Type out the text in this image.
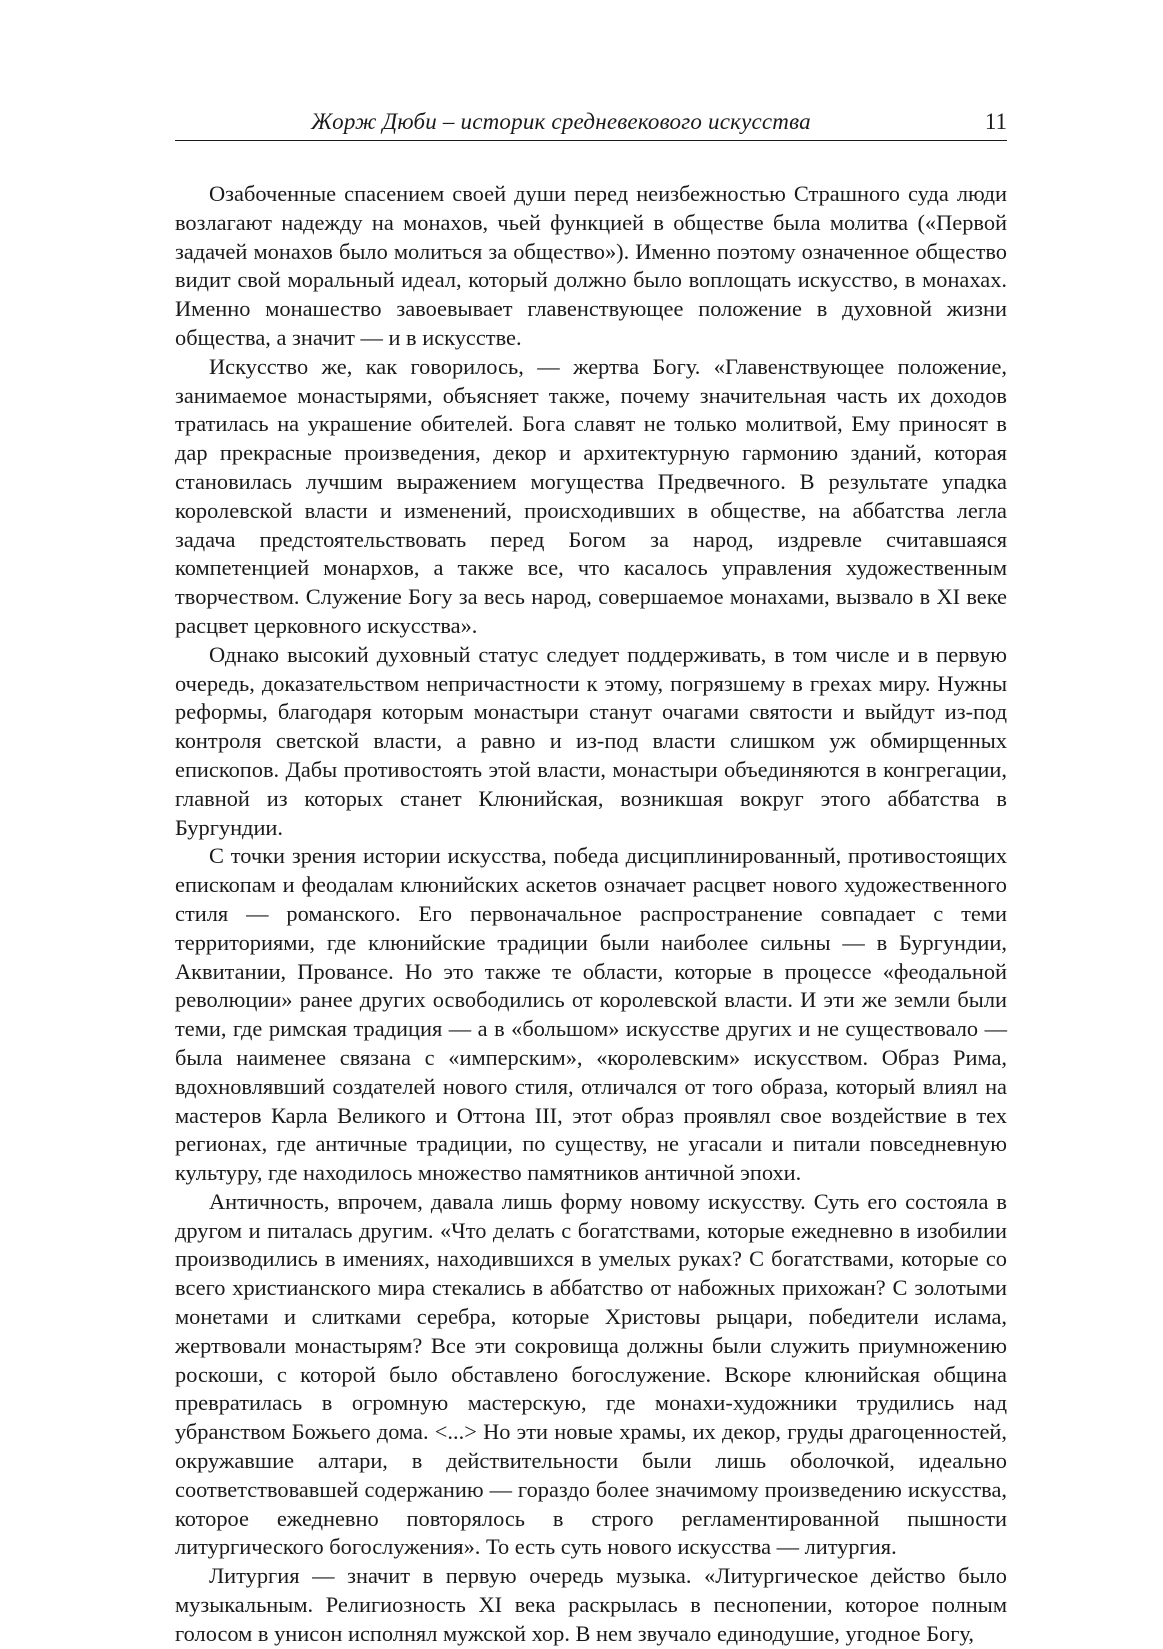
Жорж Дюби – историк средневекового искусства	11

Озабоченные спасением своей души перед неизбежностью Страшного суда люди возлагают надежду на монахов, чьей функцией в обществе была молитва («Первой задачей монахов было молиться за общество»). Именно поэтому означенное общество видит свой моральный идеал, который должно было воплощать искусство, в монахах. Именно монашество завоевывает главенствующее положение в духовной жизни общества, а значит — и в искусстве.

Искусство же, как говорилось, — жертва Богу. «Главенствующее положение, занимаемое монастырями, объясняет также, почему значительная часть их доходов тратилась на украшение обителей. Бога славят не только молитвой, Ему приносят в дар прекрасные произведения, декор и архитектурную гармонию зданий, которая становилась лучшим выражением могущества Предвечного. В результате упадка королевской власти и изменений, происходивших в обществе, на аббатства легла задача предстоятельствовать перед Богом за народ, издревле считавшаяся компетенцией монархов, а также все, что касалось управления художественным творчеством. Служение Богу за весь народ, совершаемое монахами, вызвало в XI веке расцвет церковного искусства».

Однако высокий духовный статус следует поддерживать, в том числе и в первую очередь, доказательством непричастности к этому, погрязшему в грехах миру. Нужны реформы, благодаря которым монастыри станут очагами святости и выйдут из-под контроля светской власти, а равно и из-под власти слишком уж обмирщенных епископов. Дабы противостоять этой власти, монастыри объединяются в конгрегации, главной из которых станет Клюнийская, возникшая вокруг этого аббатства в Бургундии.

С точки зрения истории искусства, победа дисциплинированный, противостоящих епископам и феодалам клюнийских аскетов означает расцвет нового художественного стиля — романского. Его первоначальное распространение совпадает с теми территориями, где клюнийские традиции были наиболее сильны — в Бургундии, Аквитании, Провансе. Но это также те области, которые в процессе «феодальной революции» ранее других освободились от королевской власти. И эти же земли были теми, где римская традиция — а в «большом» искусстве других и не существовало — была наименее связана с «имперским», «королевским» искусством. Образ Рима, вдохновлявший создателей нового стиля, отличался от того образа, который влиял на мастеров Карла Великого и Оттона III, этот образ проявлял свое воздействие в тех регионах, где античные традиции, по существу, не угасали и питали повседневную культуру, где находилось множество памятников античной эпохи.

Античность, впрочем, давала лишь форму новому искусству. Суть его состояла в другом и питалась другим. «Что делать с богатствами, которые ежедневно в изобилии производились в имениях, находившихся в умелых руках? С богатствами, которые со всего христианского мира стекались в аббатство от набожных прихожан? С золотыми монетами и слитками серебра, которые Христовы рыцари, победители ислама, жертвовали монастырям? Все эти сокровища должны были служить приумножению роскоши, с которой было обставлено богослужение. Вскоре клюнийская община превратилась в огромную мастерскую, где монахи-художники трудились над убранством Божьего дома. <...> Но эти новые храмы, их декор, груды драгоценностей, окружавшие алтари, в действительности были лишь оболочкой, идеально соответствовавшей содержанию — гораздо более значимому произведению искусства, которое ежедневно повторялось в строго регламентированной пышности литургического богослужения». То есть суть нового искусства — литургия.

Литургия — значит в первую очередь музыка. «Литургическое действо было музыкальным. Религиозность XI века раскрылась в песнопении, которое полным голосом в унисон исполнял мужской хор. В нем звучало единодушие, угодное Богу,
